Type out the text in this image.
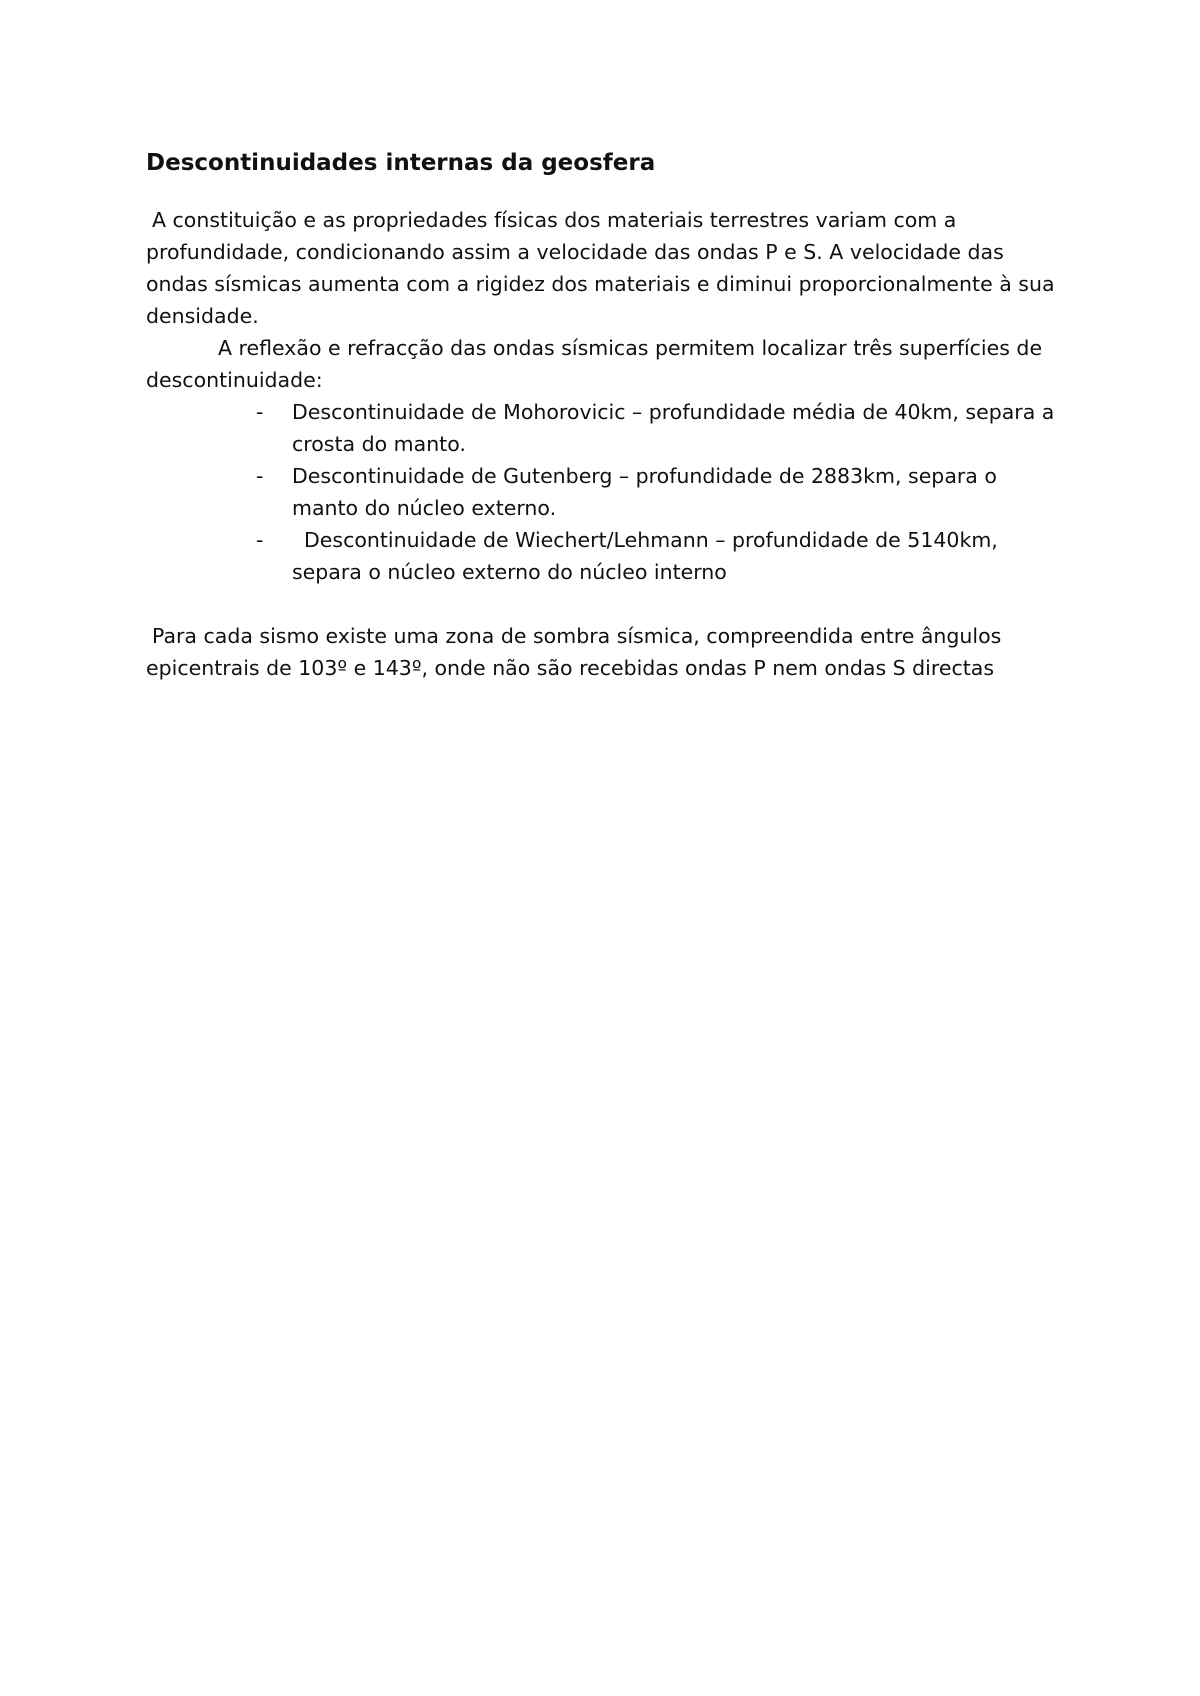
Descontinuidades internas da geosfera

A constituição e as propriedades físicas dos materiais terrestres variam com a profundidade, condicionando assim a velocidade das ondas P e S. A velocidade das ondas sísmicas aumenta com a rigidez dos materiais e diminui proporcionalmente à sua densidade.

A reflexão e refracção das ondas sísmicas permitem localizar três superfícies de descontinuidade:

- Descontinuidade de Mohorovicic – profundidade média de 40km, separa a crosta do manto.
- Descontinuidade de Gutenberg – profundidade de 2883km, separa o manto do núcleo externo.
-	Descontinuidade de Wiechert/Lehmann – profundidade de 5140km, separa o núcleo externo do núcleo interno

Para cada sismo existe uma zona de sombra sísmica, compreendida entre ângulos epicentrais de 103º e 143º, onde não são recebidas ondas P nem ondas S directas
